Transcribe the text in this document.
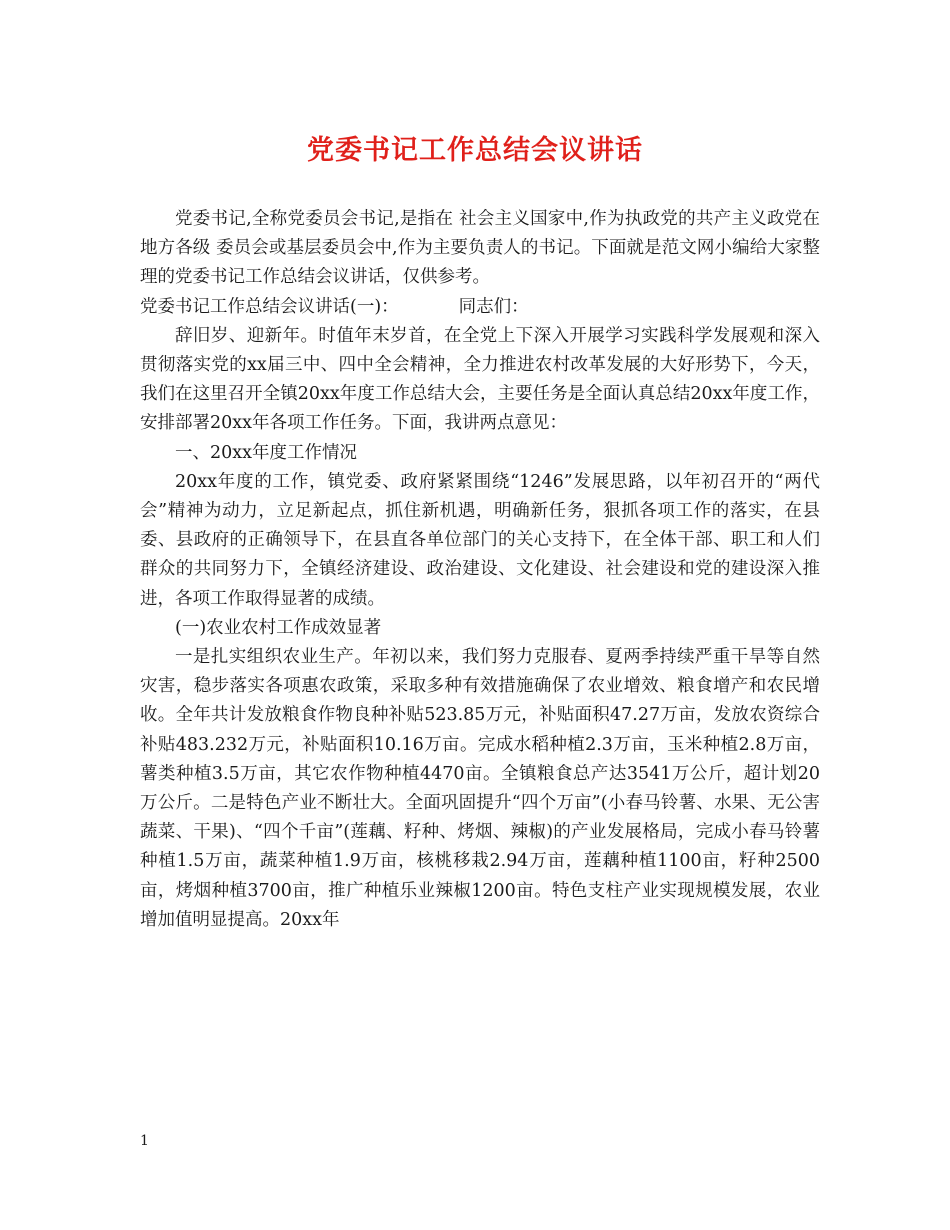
党委书记工作总结会议讲话

党委书记,全称党委员会书记,是指在 社会主义国家中,作为执政党的共产主义政党在地方各级 委员会或基层委员会中,作为主要负责人的书记。下面就是范文网小编给大家整理的党委书记工作总结会议讲话，仅供参考。

党委书记工作总结会议讲话(一)：	同志们：

辞旧岁、迎新年。时值年末岁首，在全党上下深入开展学习实践科学发展观和深入贯彻落实党的xx届三中、四中全会精神，全力推进农村改革发展的大好形势下，今天，我们在这里召开全镇20xx年度工作总结大会，主要任务是全面认真总结20xx年度工作，安排部署20xx年各项工作任务。下面，我讲两点意见：

一、20xx年度工作情况

20xx年度的工作，镇党委、政府紧紧围绕“1246”发展思路，以年初召开的“两代会”精神为动力，立足新起点，抓住新机遇，明确新任务，狠抓各项工作的落实，在县委、县政府的正确领导下，在县直各单位部门的关心支持下，在全体干部、职工和人们群众的共同努力下，全镇经济建设、政治建设、文化建设、社会建设和党的建设深入推进，各项工作取得显著的成绩。

(一)农业农村工作成效显著

一是扎实组织农业生产。年初以来，我们努力克服春、夏两季持续严重干旱等自然灾害，稳步落实各项惠农政策，采取多种有效措施确保了农业增效、粮食增产和农民增收。全年共计发放粮食作物良种补贴523.85万元，补贴面积47.27万亩，发放农资综合补贴483.232万元，补贴面积10.16万亩。完成水稻种植2.3万亩，玉米种植2.8万亩，薯类种植3.5万亩，其它农作物种植4470亩。全镇粮食总产达3541万公斤，超计划20万公斤。二是特色产业不断壮大。全面巩固提升“四个万亩”(小春马铃薯、水果、无公害蔬菜、干果)、“四个千亩”(莲藕、籽种、烤烟、辣椒)的产业发展格局，完成小春马铃薯种植1.5万亩，蔬菜种植1.9万亩，核桃移栽2.94万亩，莲藕种植1100亩，籽种2500亩，烤烟种植3700亩，推广种植乐业辣椒1200亩。特色支柱产业实现规模发展，农业增加值明显提高。20xx年

1
